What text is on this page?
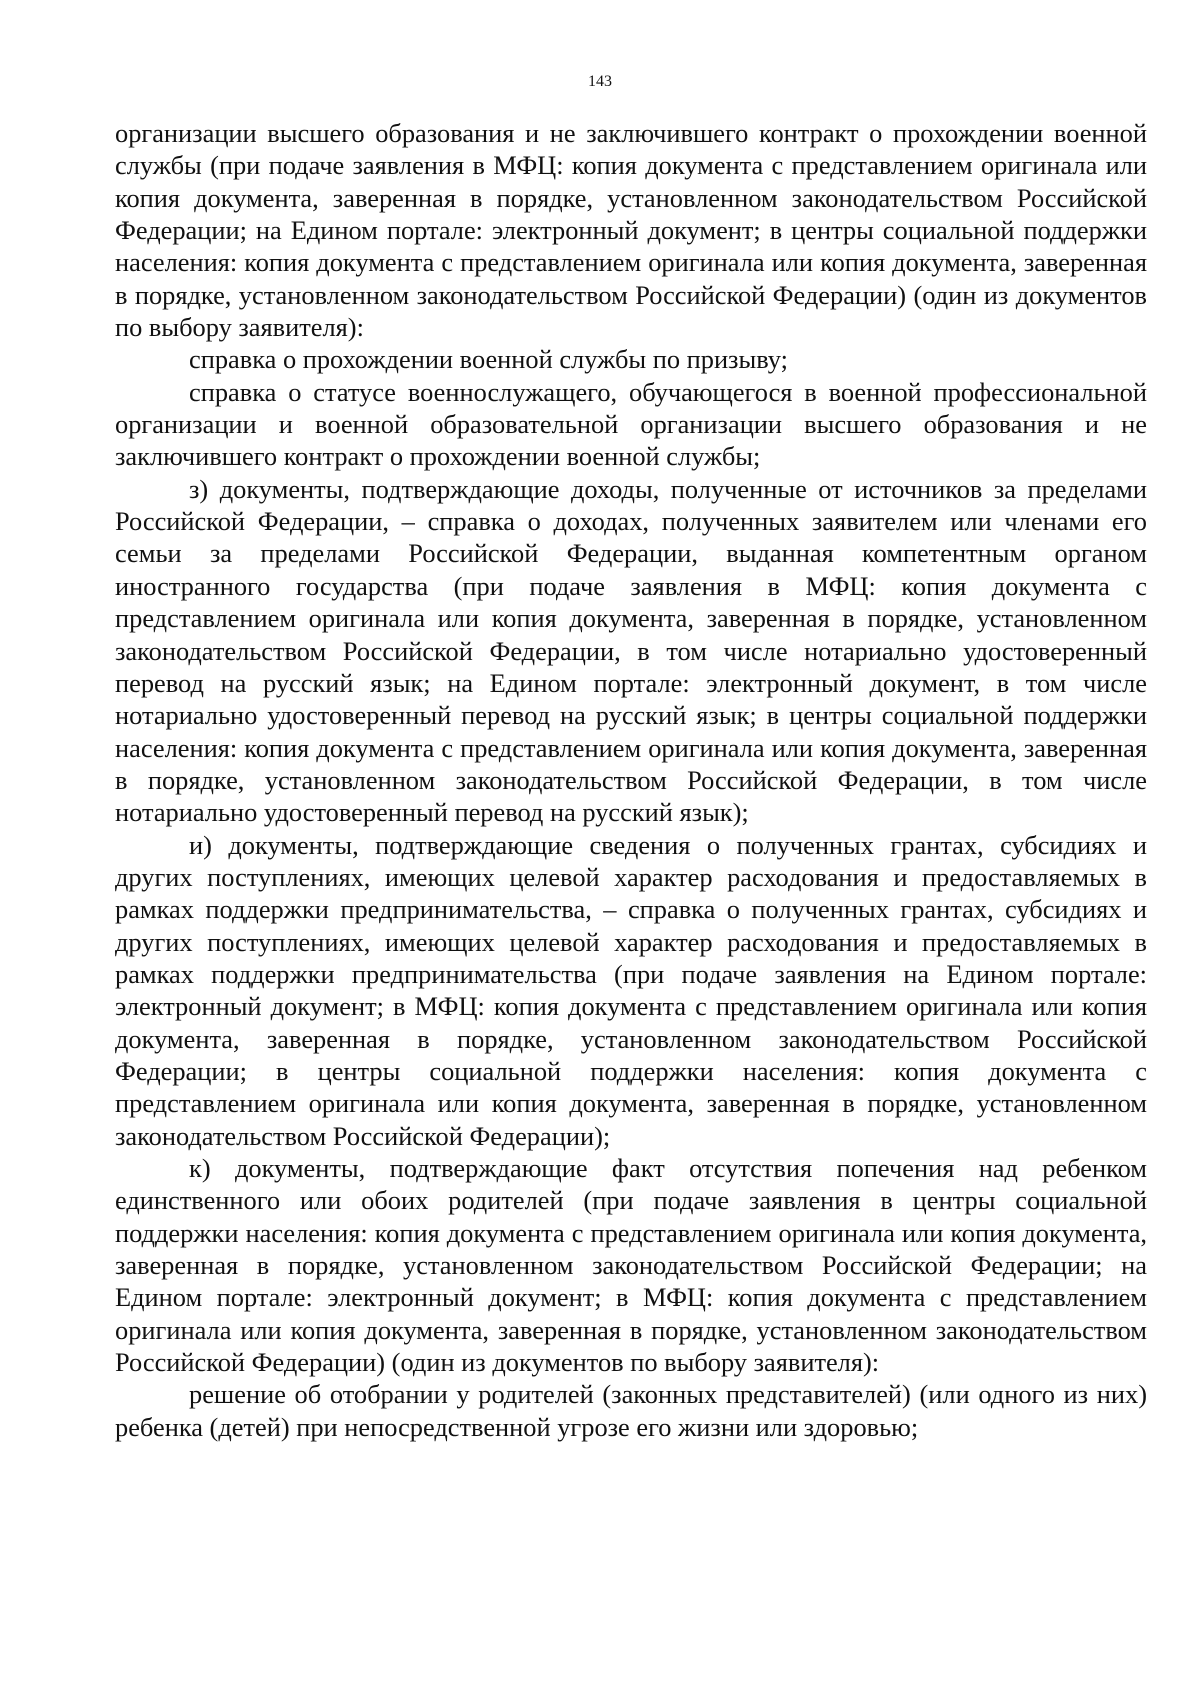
143

организации высшего образования и не заключившего контракт о прохождении военной службы (при подаче заявления в МФЦ: копия документа с представлением оригинала или копия документа, заверенная в порядке, установленном законодательством Российской Федерации; на Едином портале: электронный документ; в центры социальной поддержки населения: копия документа с представлением оригинала или копия документа, заверенная в порядке, установленном законодательством Российской Федерации) (один из документов по выбору заявителя):

справка о прохождении военной службы по призыву;

справка о статусе военнослужащего, обучающегося в военной профессиональной организации и военной образовательной организации высшего образования и не заключившего контракт о прохождении военной службы;

з) документы, подтверждающие доходы, полученные от источников за пределами Российской Федерации, – справка о доходах, полученных заявителем или членами его семьи за пределами Российской Федерации, выданная компетентным органом иностранного государства (при подаче заявления в МФЦ: копия документа с представлением оригинала или копия документа, заверенная в порядке, установленном законодательством Российской Федерации, в том числе нотариально удостоверенный перевод на русский язык; на Едином портале: электронный документ, в том числе нотариально удостоверенный перевод на русский язык; в центры социальной поддержки населения: копия документа с представлением оригинала или копия документа, заверенная в порядке, установленном законодательством Российской Федерации, в том числе нотариально удостоверенный перевод на русский язык);

и) документы, подтверждающие сведения о полученных грантах, субсидиях и других поступлениях, имеющих целевой характер расходования и предоставляемых в рамках поддержки предпринимательства, – справка о полученных грантах, субсидиях и других поступлениях, имеющих целевой характер расходования и предоставляемых в рамках поддержки предпринимательства (при подаче заявления на Едином портале: электронный документ; в МФЦ: копия документа с представлением оригинала или копия документа, заверенная в порядке, установленном законодательством Российской Федерации; в центры социальной поддержки населения: копия документа с представлением оригинала или копия документа, заверенная в порядке, установленном законодательством Российской Федерации);

к) документы, подтверждающие факт отсутствия попечения над ребенком единственного или обоих родителей (при подаче заявления в центры социальной поддержки населения: копия документа с представлением оригинала или копия документа, заверенная в порядке, установленном законодательством Российской Федерации; на Едином портале: электронный документ; в МФЦ: копия документа с представлением оригинала или копия документа, заверенная в порядке, установленном законодательством Российской Федерации) (один из документов по выбору заявителя):

решение об отобрании у родителей (законных представителей) (или одного из них) ребенка (детей) при непосредственной угрозе его жизни или здоровью;
